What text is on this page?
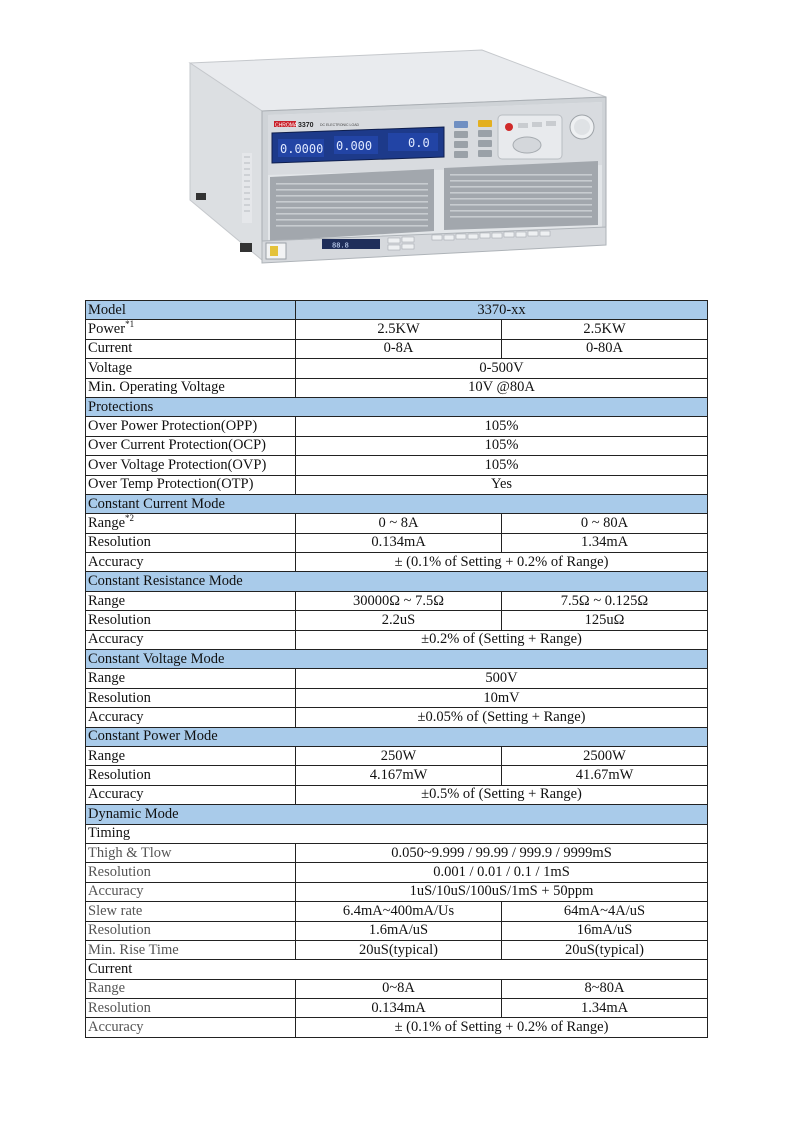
CHROMA 3370 DC ELECTRONIC LOAD
0.0000 0.000	0.0
88.8
Model	3370-xx	
Power$^{*1}$	2.5KW	2.5KW
Current	0-8A	0-80A
Voltage	0-500V	
Min. Operating Voltage	10V @80A	
Protections		
Over Power Protection(OPP)	105%	
Over Current Protection(OCP)	105%	
Over Voltage Protection(OVP)	105%	
Over Temp Protection(OTP)	Yes	
Constant Current Mode		
Range$^{*2}$	0 ~ 8A	0 ~ 80A
Resolution	0.134mA	1.34mA
Accuracy	± (0.1% of Setting + 0.2% of Range)	
Constant Resistance Mode		
Range	30000Ω ~ 7.5Ω	7.5Ω ~ 0.125Ω
Resolution	2.2uS	125uΩ
Accuracy	±0.2% of (Setting + Range)	
Constant Voltage Mode		
Range	500V	
Resolution	10mV	
Accuracy	±0.05% of (Setting + Range)	
Constant Power Mode		
Range	250W	2500W
Resolution	4.167mW	41.67mW
Accuracy	±0.5% of (Setting + Range)	
Dynamic Mode		
Timing		
Thigh & Tlow	0.050~9.999 / 99.99 / 999.9 / 9999mS	
Resolution	0.001 / 0.01 / 0.1 / 1mS	
Accuracy	1uS/10uS/100uS/1mS + 50ppm	
Slew rate	6.4mA~400mA/Us	64mA~4A/uS
Resolution	1.6mA/uS	16mA/uS
Min. Rise Time	20uS(typical)	20uS(typical)
Current		
Range	0~8A	8~80A
Resolution	0.134mA	1.34mA
Accuracy	± (0.1% of Setting + 0.2% of Range)	
